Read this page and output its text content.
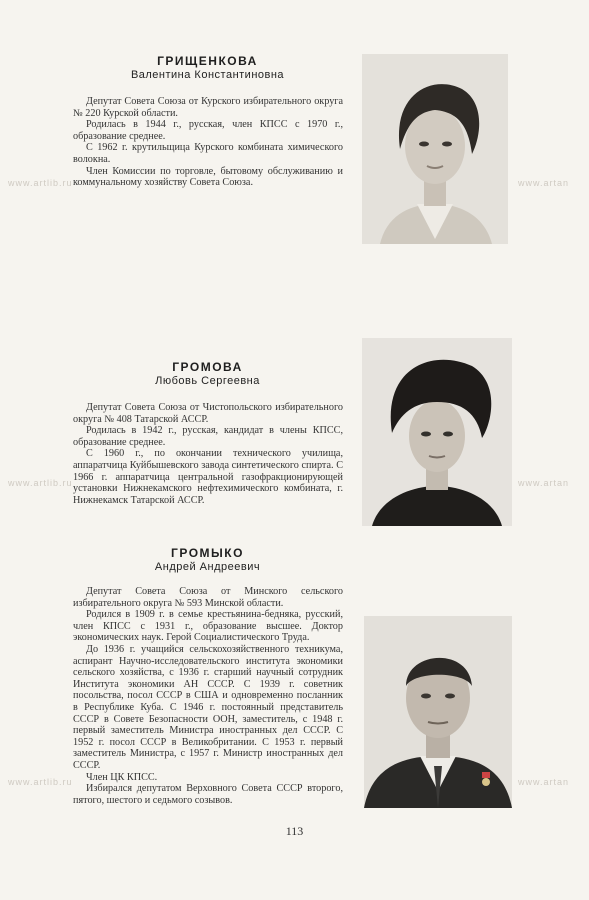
ГРИЩЕНКОВА
Валентина Константиновна

Депутат Совета Союза от Курского избирательного округа № 220 Курской области.

Родилась в 1944 г., русская, член КПСС с 1970 г., образование среднее.

С 1962 г. крутильщица Курского комбината химического волокна.

Член Комиссии по торговле, бытовому обслуживанию и коммунальному хозяйству Совета Союза.

ГРОМОВА
Любовь Сергеевна

Депутат Совета Союза от Чистопольского избирательного округа № 408 Татарской АССР.

Родилась в 1942 г., русская, кандидат в члены КПСС, образование среднее.

С 1960 г., по окончании технического училища, аппаратчица Куйбышевского завода синтетического спирта. С 1966 г. аппаратчица центральной газофракционирующей установки Нижнекамского нефтехимического комбината, г. Нижнекамск Татарской АССР.

ГРОМЫКО
Андрей Андреевич

Депутат Совета Союза от Минского сельского избирательного округа № 593 Минской области.

Родился в 1909 г. в семье крестьянина-бедняка, русский, член КПСС с 1931 г., образование высшее. Доктор экономических наук. Герой Социалистического Труда.

До 1936 г. учащийся сельскохозяйственного техникума, аспирант Научно-исследовательского института экономики сельского хозяйства, с 1936 г. старший научный сотрудник Института экономики АН СССР. С 1939 г. советник посольства, посол СССР в США и одновременно посланник в Республике Куба. С 1946 г. постоянный представитель СССР в Совете Безопасности ООН, заместитель, с 1948 г. первый заместитель Министра иностранных дел СССР. С 1952 г. посол СССР в Великобритании. С 1953 г. первый заместитель Министра, с 1957 г. Министр иностранных дел СССР.

Член ЦК КПСС.

Избирался депутатом Верховного Совета СССР второго, пятого, шестого и седьмого созывов.

www.artlib.ru	www.artan
www.artlib.ru	www.artan
www.artlib.ru	www.artan
113
